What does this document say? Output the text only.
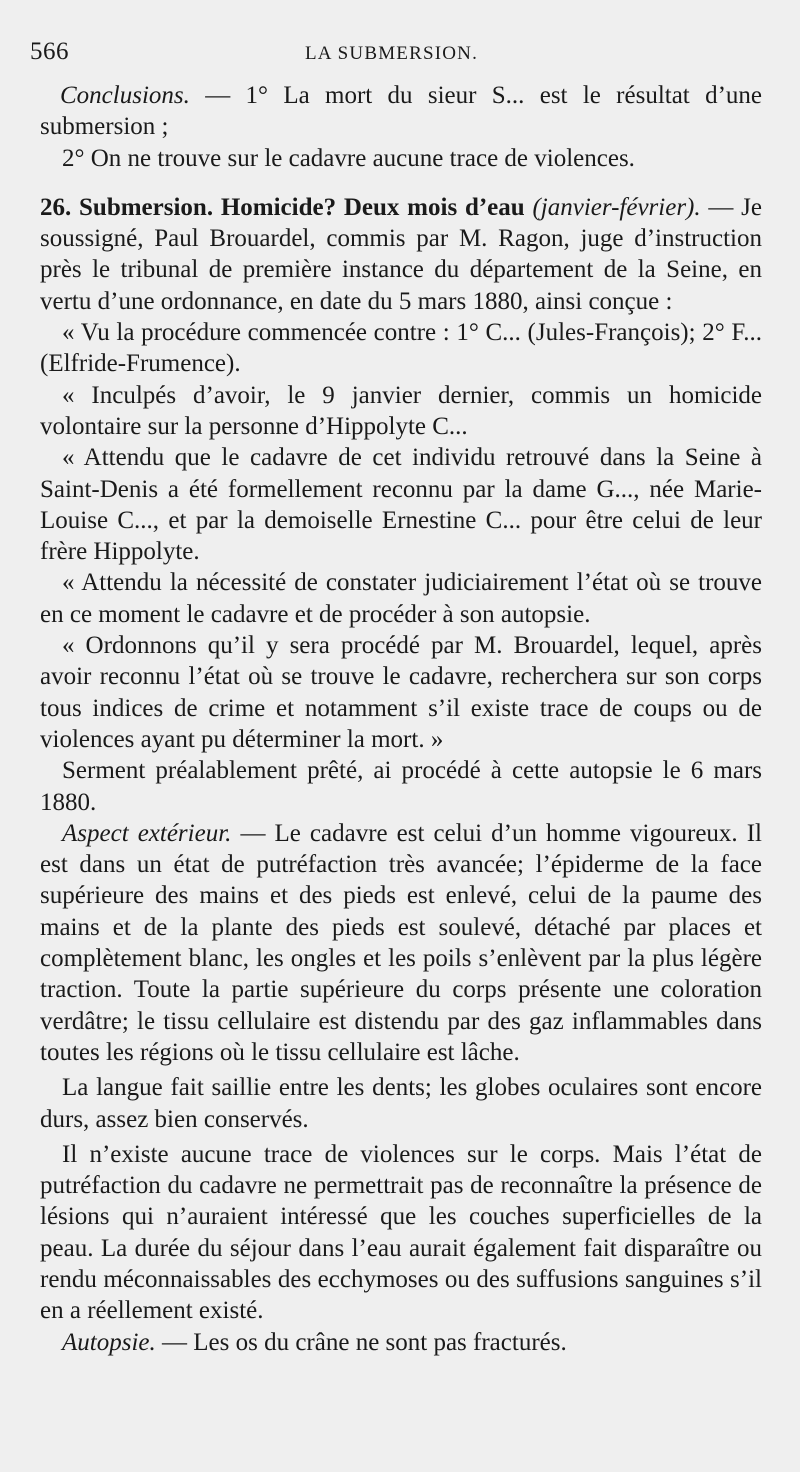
566	LA SUBMERSION.

Conclusions. — 1° La mort du sieur S... est le résultat d’une submersion ;

2° On ne trouve sur le cadavre aucune trace de violences.

26. Submersion. Homicide? Deux mois d’eau (janvier-février). — Je soussigné, Paul Brouardel, commis par M. Ragon, juge d’instruction près le tribunal de première instance du département de la Seine, en vertu d’une ordonnance, en date du 5 mars 1880, ainsi conçue :

« Vu la procédure commencée contre : 1° C... (Jules-François); 2° F... (Elfride-Frumence).

« Inculpés d’avoir, le 9 janvier dernier, commis un homicide volontaire sur la personne d’Hippolyte C...

« Attendu que le cadavre de cet individu retrouvé dans la Seine à Saint-Denis a été formellement reconnu par la dame G..., née Marie-Louise C..., et par la demoiselle Ernestine C... pour être celui de leur frère Hippolyte.

« Attendu la nécessité de constater judiciairement l’état où se trouve en ce moment le cadavre et de procéder à son autopsie.

« Ordonnons qu’il y sera procédé par M. Brouardel, lequel, après avoir reconnu l’état où se trouve le cadavre, recherchera sur son corps tous indices de crime et notamment s’il existe trace de coups ou de violences ayant pu déterminer la mort. »

Serment préalablement prêté, ai procédé à cette autopsie le 6 mars 1880.

Aspect extérieur. — Le cadavre est celui d’un homme vigoureux. Il est dans un état de putréfaction très avancée; l’épiderme de la face supérieure des mains et des pieds est enlevé, celui de la paume des mains et de la plante des pieds est soulevé, détaché par places et complètement blanc, les ongles et les poils s’enlèvent par la plus légère traction. Toute la partie supérieure du corps présente une coloration verdâtre; le tissu cellulaire est distendu par des gaz inflammables dans toutes les régions où le tissu cellulaire est lâche.

La langue fait saillie entre les dents; les globes oculaires sont encore durs, assez bien conservés.

Il n’existe aucune trace de violences sur le corps. Mais l’état de putréfaction du cadavre ne permettrait pas de reconnaître la présence de lésions qui n’auraient intéressé que les couches superficielles de la peau. La durée du séjour dans l’eau aurait également fait disparaître ou rendu méconnaissables des ecchymoses ou des suffusions sanguines s’il en a réellement existé.

Autopsie. — Les os du crâne ne sont pas fracturés.
